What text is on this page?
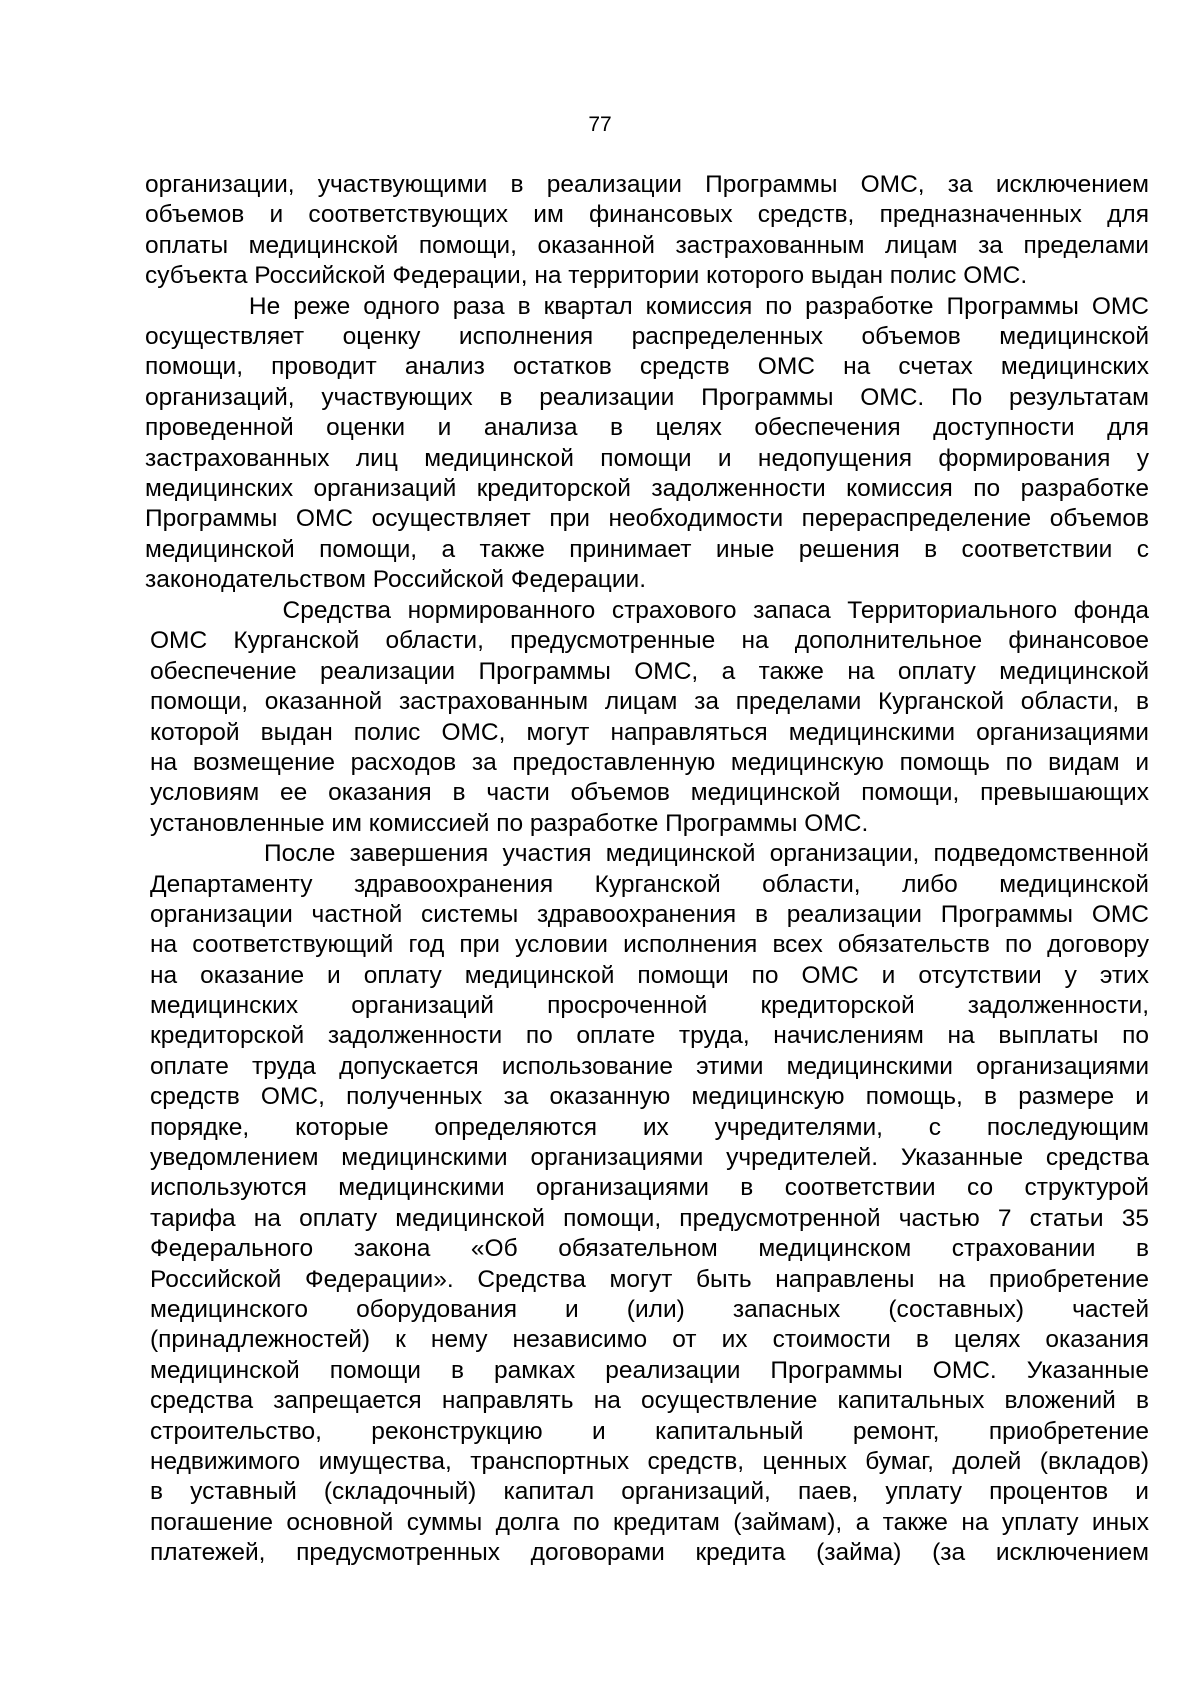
77
организации, участвующими в реализации Программы ОМС, за исключением
объемов и соответствующих им финансовых средств, предназначенных для
оплаты медицинской помощи, оказанной застрахованным лицам за пределами
субъекта Российской Федерации, на территории которого выдан полис ОМС.
Не реже одного раза в квартал комиссия по разработке Программы ОМС
осуществляет оценку исполнения распределенных объемов медицинской
помощи, проводит анализ остатков средств ОМС на счетах медицинских
организаций, участвующих в реализации Программы ОМС. По результатам
проведенной оценки и анализа в целях обеспечения доступности для
застрахованных лиц медицинской помощи и недопущения формирования у
медицинских организаций кредиторской задолженности комиссия по разработке
Программы ОМС осуществляет при необходимости перераспределение объемов
медицинской помощи, а также принимает иные решения в соответствии с
законодательством Российской Федерации.
Средства нормированного страхового запаса Территориального фонда
ОМС Курганской области, предусмотренные на дополнительное финансовое
обеспечение реализации Программы ОМС, а также на оплату медицинской
помощи, оказанной застрахованным лицам за пределами Курганской области, в
которой выдан полис ОМС, могут направляться медицинскими организациями
на возмещение расходов за предоставленную медицинскую помощь по видам и
условиям ее оказания в части объемов медицинской помощи, превышающих
установленные им комиссией по разработке Программы ОМС.
После завершения участия медицинской организации, подведомственной
Департаменту здравоохранения Курганской области, либо медицинской
организации частной системы здравоохранения в реализации Программы ОМС
на соответствующий год при условии исполнения всех обязательств по договору
на оказание и оплату медицинской помощи по ОМС и отсутствии у этих
медицинских организаций просроченной кредиторской задолженности,
кредиторской задолженности по оплате труда, начислениям на выплаты по
оплате труда допускается использование этими медицинскими организациями
средств ОМС, полученных за оказанную медицинскую помощь, в размере и
порядке, которые определяются их учредителями, с последующим
уведомлением медицинскими организациями учредителей. Указанные средства
используются медицинскими организациями в соответствии со структурой
тарифа на оплату медицинской помощи, предусмотренной частью 7 статьи 35
Федерального закона «Об обязательном медицинском страховании в
Российской Федерации». Средства могут быть направлены на приобретение
медицинского оборудования и (или) запасных (составных) частей
(принадлежностей) к нему независимо от их стоимости в целях оказания
медицинской помощи в рамках реализации Программы ОМС. Указанные
средства запрещается направлять на осуществление капитальных вложений в
строительство, реконструкцию и капитальный ремонт, приобретение
недвижимого имущества, транспортных средств, ценных бумаг, долей (вкладов)
в уставный (складочный) капитал организаций, паев, уплату процентов и
погашение основной суммы долга по кредитам (займам), а также на уплату иных
платежей, предусмотренных договорами кредита (займа) (за исключением
